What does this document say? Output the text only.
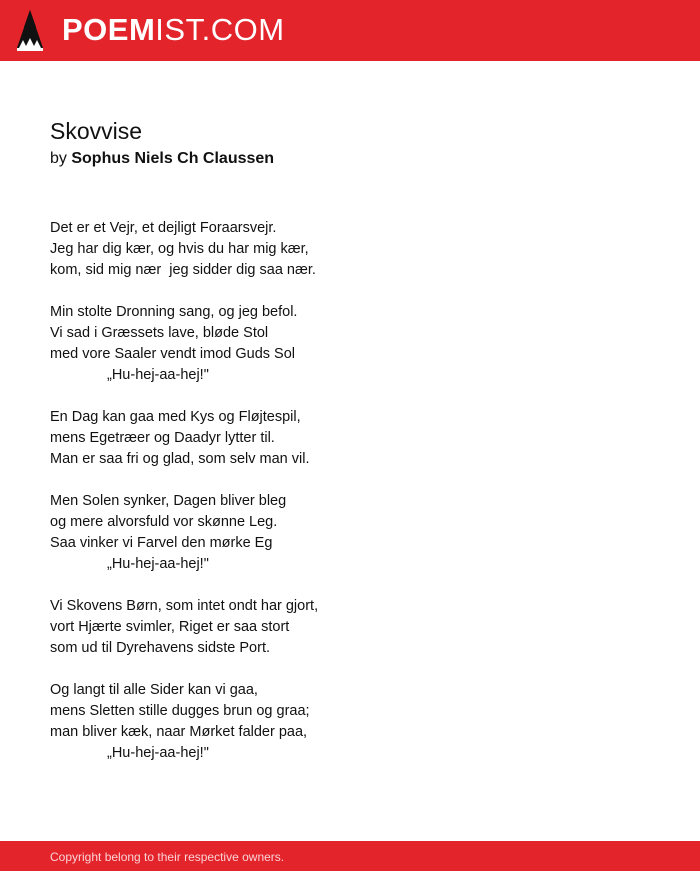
POEMIST.COM
Skovvise
by Sophus Niels Ch Claussen
Det er et Vejr, et dejligt Foraarsvejr.
Jeg har dig kær, og hvis du har mig kær,
kom, sid mig nær  jeg sidder dig saa nær.
Min stolte Dronning sang, og jeg befol.
Vi sad i Græssets lave, bløde Stol
med vore Saaler vendt imod Guds Sol
„Hu-hej-aa-hej!"
En Dag kan gaa med Kys og Fløjtespil,
mens Egetræer og Daadyr lytter til.
Man er saa fri og glad, som selv man vil.
Men Solen synker, Dagen bliver bleg
og mere alvorsfuld vor skønne Leg.
Saa vinker vi Farvel den mørke Eg
„Hu-hej-aa-hej!"
Vi Skovens Børn, som intet ondt har gjort,
vort Hjærte svimler, Riget er saa stort
som ud til Dyrehavens sidste Port.
Og langt til alle Sider kan vi gaa,
mens Sletten stille dugges brun og graa;
man bliver kæk, naar Mørket falder paa,
„Hu-hej-aa-hej!"
Copyright belong to their respective owners.
